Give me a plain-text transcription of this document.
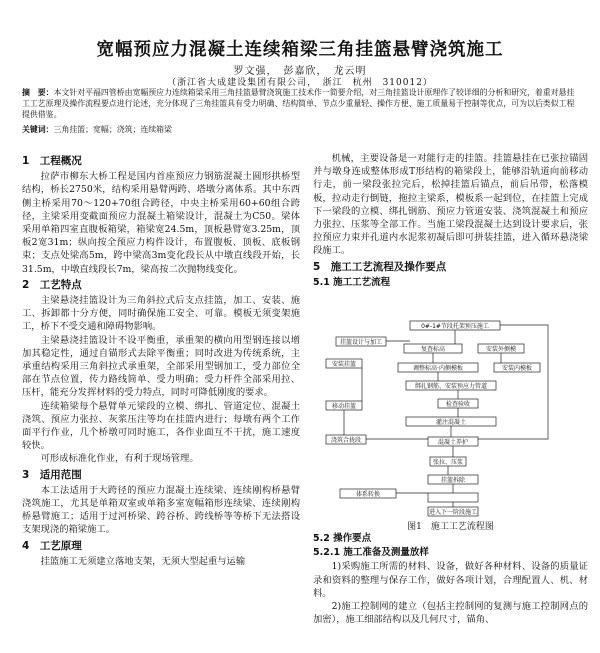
宽幅预应力混凝土连续箱梁三角挂篮悬臂浇筑施工
罗文强，　彭嘉欣，　龙云明
（浙江省大成建设集团有限公司，　浙江　杭州　310012）
摘　要：本文针对平福四管桥由宽幅预应力连续箱梁采用三角挂篮悬臂浇筑施工技术作一简要介绍，对三角挂篮设计原理作了较详细的分析和研究，着重对悬挂工工艺原理及操作流程要点进行论述，充分体现了三角挂篮具有受力明确、结构简单、节点少重量轻、操作方便、施工质量易于控制等优点，可为以后类似工程提供借鉴。
关键词：三角挂篮；宽幅；浇筑；连续箱梁
1　工程概况

拉萨市柳东大桥工程是国内首座预应力钢筋混凝土圆形拱桥型结构，桥长2750米，结构采用悬臂两跨、塔墩分离体系。其中东西侧主桥采用70～120+70组合跨径，中央主桥采用60+60组合跨径，主梁采用变截面预应力混凝土箱梁设计，混凝土为C50。梁体采用单箱四室直腹板箱梁，箱梁宽24.5m，顶板悬臂宽3.25m，顶板2宽31m；纵向按全预应力构件设计，布置腹板、顶板、底板钢束；支点处梁高5m，跨中梁高3m变化段长从中墩直线段开始，长31.5m，中墩直线段长7m，梁高按二次抛物线变化。

2　工艺特点

主梁悬浇挂篮设计为三角斜拉式后支点挂篮，加工、安装、施工、拆卸都十分方便，同时确保施工安全、可靠。模板无须变架施工，桥下不受交通和障碍物影响。

主梁悬浇挂篮设计不设平衡重，承重架的横向用型钢连接以增加其稳定性，通过自锚形式去除平衡重；同时改进为传统系统，主承重结构采用三角斜拉式承重架，全部采用型钢加工，受力部位全部在节点位置，传力路线简单、受力明确；受力杆件全部采用拉、压杆，能充分发挥材料的受力特点，同时可降低刚度的要求。

连续箱梁每个悬臂单元梁段的立模、绑扎、管道定位、混凝土浇筑、预应力张拉、灰浆压注等均在挂篮内进行；每墩有两个工作面平行作业，几个桥墩可同时施工，各作业面互不干扰，施工速度较快。

可形成标准化作业，有利于现场管理。

3　适用范围

本工法适用于大跨径的预应力混凝土连续梁、连续刚构桥悬臂浇筑施工，尤其是单箱双室或单箱多室宽幅箱形连续梁、连续刚构桥悬臂施工；适用于过河桥梁、跨谷桥、跨线桥等等桥下无法搭设支架现浇的箱梁施工。

4　工艺原理

挂篮施工无须建立落地支架，无须大型起重与运输

机械，主要设备是一对能行走的挂篮。挂篮悬挂在已张拉锚固并与墩身连成整体形成T形结构的箱梁段上，能够沿轨道向前移动行走，前一梁段张拉完后，松掉挂篮后锚点，前后吊带，松落模板，拉动走行倒链，拖拉主梁系，模板系一起到位，在挂篮上完成下一梁段的立模、绑扎钢筋、预应力管道安装、浇筑混凝土和预应力张拉、压浆等全部工作。当施工梁段混凝土达到设计要求后，张拉预应力束并孔道内水泥浆初凝后即可拼装挂篮，进入循环悬浇梁段施工。

5　施工工艺流程及操作要点
5.1 施工工艺流程
0#-1#节段托架预压施工
挂篮设计与加工
安装挂篮
复查标高	安装外侧模
调整标高·内侧模板	安装内模板
绑扎钢筋、安装预应力管道
检查验收
移动挂篮
灌注混凝土
浇筑合拢段	混凝土养护
张拉、压浆
挂篮拆除
体系转换
进入下一阶段施工
图1　施工工艺流程图
5.2 操作要点
5.2.1 施工准备及测量放样

1)采购施工所需的材料、设备，做好各种材料、设备的质量证录和资料的整理与保存工作，做好各项计划，合理配置人、机、材料。

2)施工控制网的建立（包括主控制网的复测与施工控制网点的加密），施工细部结构以及几何尺寸，锚角、
